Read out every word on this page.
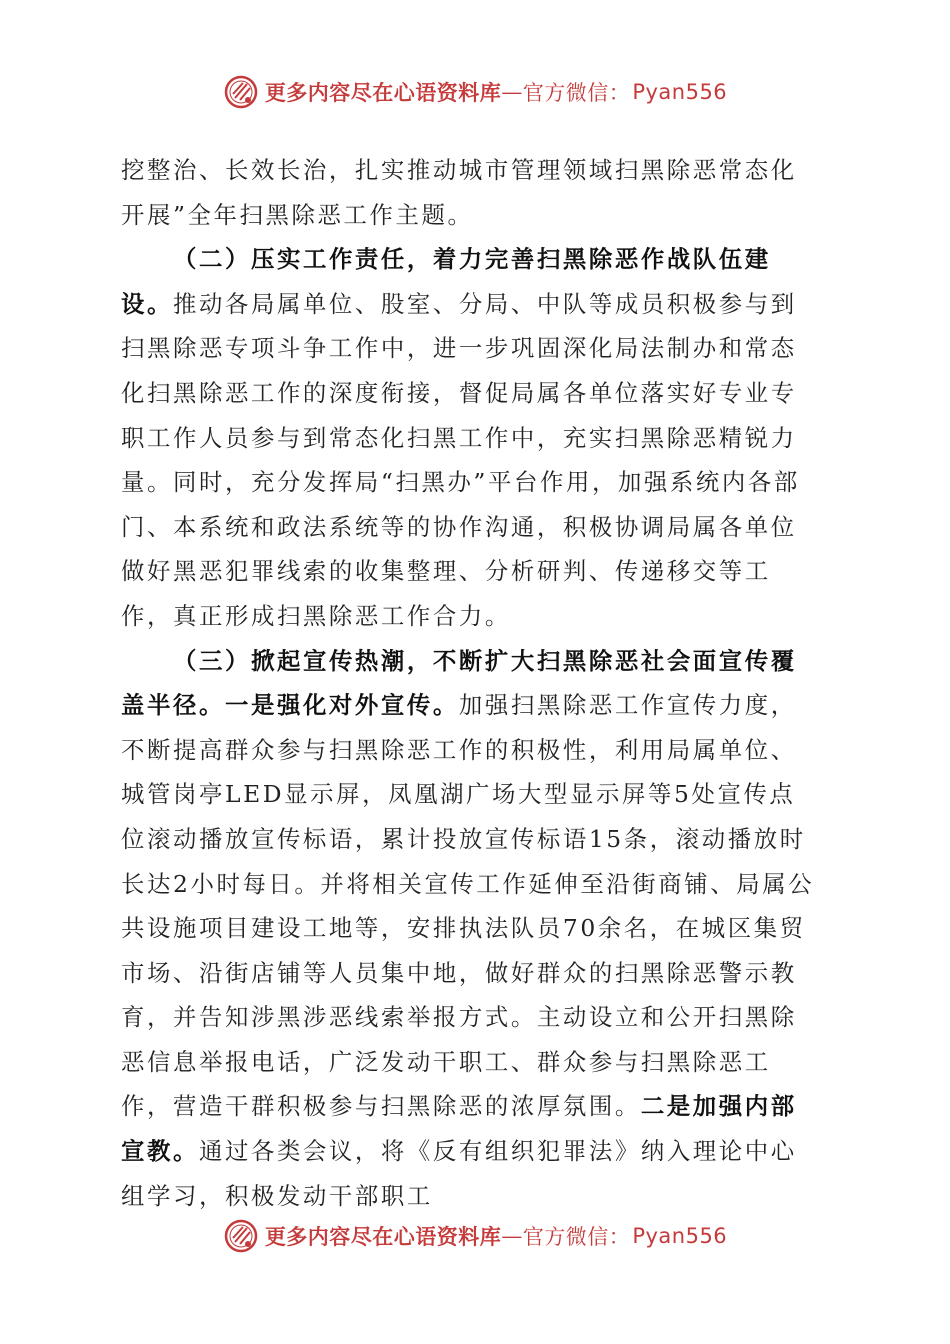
更多内容尽在心语资料库 — 官方微信： Pyan556

挖整治、长效长治，扎实推动城市管理领域扫黑除恶常态化开展”全年扫黑除恶工作主题。

（二）压实工作责任，着力完善扫黑除恶作战队伍建设。推动各局属单位、股室、分局、中队等成员积极参与到扫黑除恶专项斗争工作中，进一步巩固深化局法制办和常态化扫黑除恶工作的深度衔接，督促局属各单位落实好专业专职工作人员参与到常态化扫黑工作中，充实扫黑除恶精锐力量。同时，充分发挥局“扫黑办”平台作用，加强系统内各部门、本系统和政法系统等的协作沟通，积极协调局属各单位做好黑恶犯罪线索的收集整理、分析研判、传递移交等工作，真正形成扫黑除恶工作合力。

（三）掀起宣传热潮，不断扩大扫黑除恶社会面宣传覆盖半径。一是强化对外宣传。加强扫黑除恶工作宣传力度，不断提高群众参与扫黑除恶工作的积极性，利用局属单位、城管岗亭LED显示屏，凤凰湖广场大型显示屏等5处宣传点位滚动播放宣传标语，累计投放宣传标语15条，滚动播放时长达2小时每日。并将相关宣传工作延伸至沿街商铺、局属公共设施项目建设工地等，安排执法队员70余名，在城区集贸市场、沿街店铺等人员集中地，做好群众的扫黑除恶警示教育，并告知涉黑涉恶线索举报方式。主动设立和公开扫黑除恶信息举报电话，广泛发动干职工、群众参与扫黑除恶工作，营造干群积极参与扫黑除恶的浓厚氛围。二是加强内部宣教。通过各类会议，将《反有组织犯罪法》纳入理论中心组学习，积极发动干部职工

更多内容尽在心语资料库 — 官方微信： Pyan556
